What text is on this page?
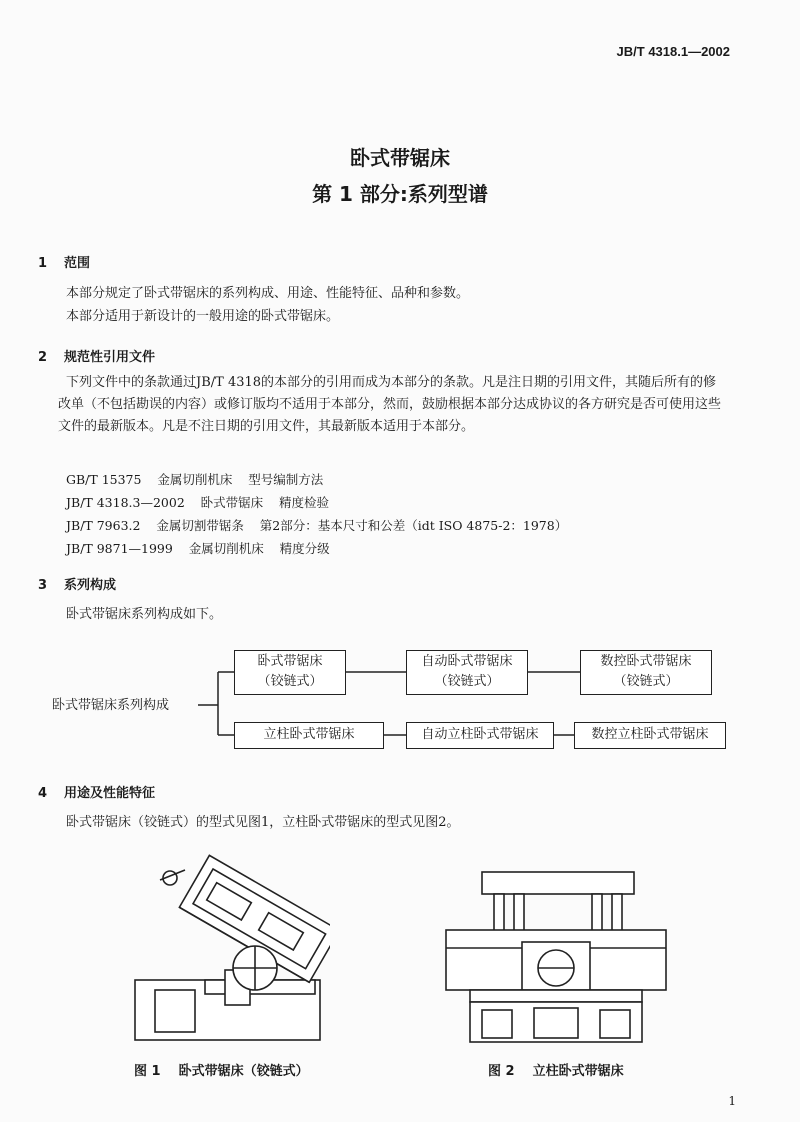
JB/T 4318.1—2002
卧式带锯床
第 1 部分:系列型谱
1 范围
本部分规定了卧式带锯床的系列构成、用途、性能特征、品种和参数。
本部分适用于新设计的一般用途的卧式带锯床。
2 规范性引用文件
下列文件中的条款通过JB/T 4318的本部分的引用而成为本部分的条款。凡是注日期的引用文件，其随后所有的修改单（不包括勘误的内容）或修订版均不适用于本部分，然而，鼓励根据本部分达成协议的各方研究是否可使用这些文件的最新版本。凡是不注日期的引用文件，其最新版本适用于本部分。
GB/T 15375    金属切削机床    型号编制方法
JB/T 4318.3—2002    卧式带锯床    精度检验
JB/T 7963.2    金属切割带锯条    第2部分：基本尺寸和公差（idt ISO 4875-2：1978）
JB/T 9871—1999    金属切削机床    精度分级
3 系列构成
卧式带锯床系列构成如下。
卧式带锯床系列构成
卧式带锯床
（铰链式）
自动卧式带锯床
（铰链式）
数控卧式带锯床
（铰链式）
立柱卧式带锯床	自动立柱卧式带锯床	数控立柱卧式带锯床
4 用途及性能特征
卧式带锯床（铰链式）的型式见图1，立柱卧式带锯床的型式见图2。
图 1    卧式带锯床（铰链式）	图 2    立柱卧式带锯床
1
